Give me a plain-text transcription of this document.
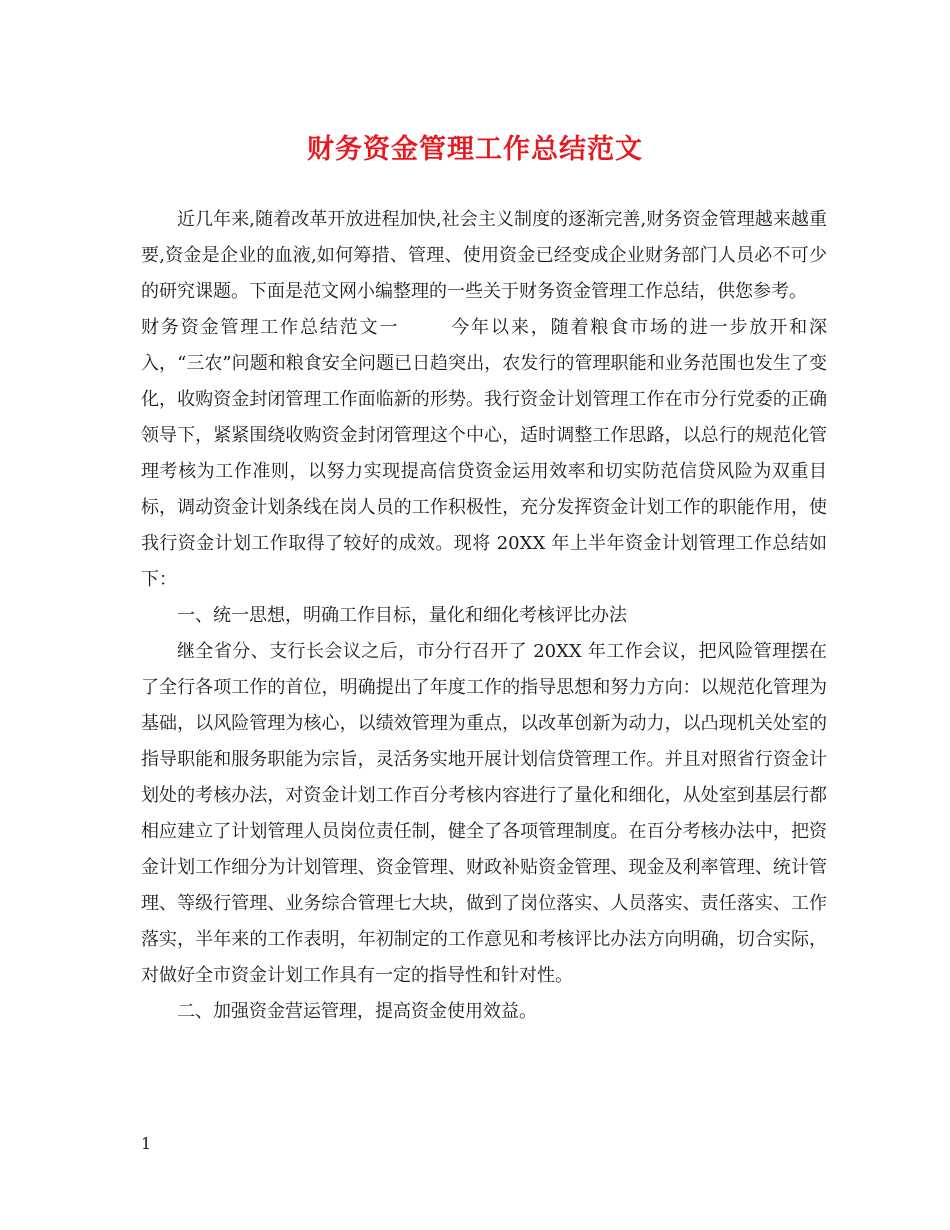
财务资金管理工作总结范文

近几年来,随着改革开放进程加快,社会主义制度的逐渐完善,财务资金管理越来越重要,资金是企业的血液,如何筹措、管理、使用资金已经变成企业财务部门人员必不可少的研究课题。下面是范文网小编整理的一些关于财务资金管理工作总结，供您参考。

财务资金管理工作总结范文一	今年以来，随着粮食市场的进一步放开和深入，“三农”问题和粮食安全问题已日趋突出，农发行的管理职能和业务范围也发生了变化，收购资金封闭管理工作面临新的形势。我行资金计划管理工作在市分行党委的正确领导下，紧紧围绕收购资金封闭管理这个中心，适时调整工作思路，以总行的规范化管理考核为工作准则，以努力实现提高信贷资金运用效率和切实防范信贷风险为双重目标，调动资金计划条线在岗人员的工作积极性，充分发挥资金计划工作的职能作用，使我行资金计划工作取得了较好的成效。现将 20XX 年上半年资金计划管理工作总结如下：

一、统一思想，明确工作目标，量化和细化考核评比办法

继全省分、支行长会议之后，市分行召开了 20XX 年工作会议，把风险管理摆在了全行各项工作的首位，明确提出了年度工作的指导思想和努力方向：以规范化管理为基础，以风险管理为核心，以绩效管理为重点，以改革创新为动力，以凸现机关处室的指导职能和服务职能为宗旨，灵活务实地开展计划信贷管理工作。并且对照省行资金计划处的考核办法，对资金计划工作百分考核内容进行了量化和细化，从处室到基层行都相应建立了计划管理人员岗位责任制，健全了各项管理制度。在百分考核办法中，把资金计划工作细分为计划管理、资金管理、财政补贴资金管理、现金及利率管理、统计管理、等级行管理、业务综合管理七大块，做到了岗位落实、人员落实、责任落实、工作落实，半年来的工作表明，年初制定的工作意见和考核评比办法方向明确，切合实际，对做好全市资金计划工作具有一定的指导性和针对性。

二、加强资金营运管理，提高资金使用效益。

1
